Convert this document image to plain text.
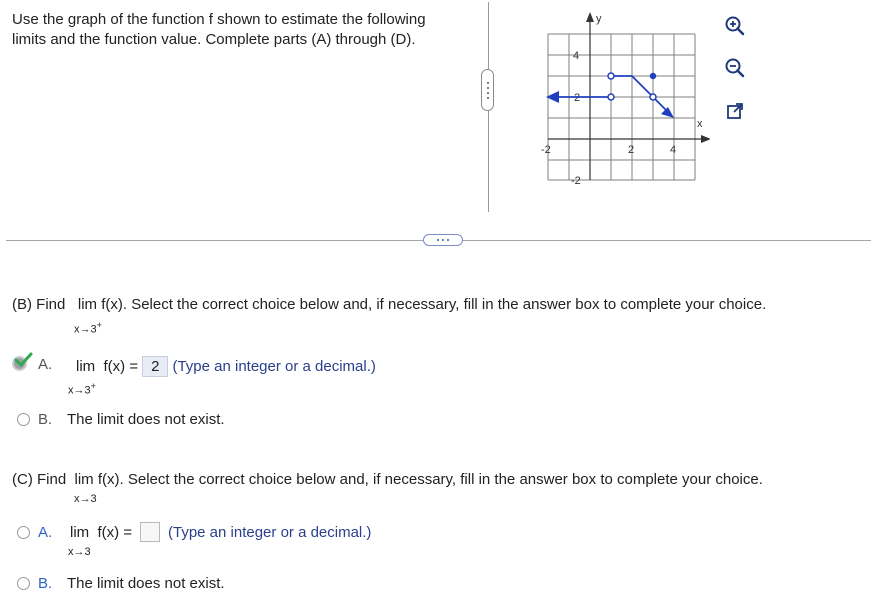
Use the graph of the function f shown to estimate the following limits and the function value. Complete parts (A) through (D).
y
x
-2	2	4
4
2
-2
(B) Find lim f(x). Select the correct choice below and, if necessary, fill in the answer box to complete your choice.
x→3+
A. lim f(x) = 2 (Type an integer or a decimal.)
x→3+
B. The limit does not exist.
(C) Find lim f(x). Select the correct choice below and, if necessary, fill in the answer box to complete your choice.
x→3
A. lim f(x) = (Type an integer or a decimal.)
x→3
B. The limit does not exist.
